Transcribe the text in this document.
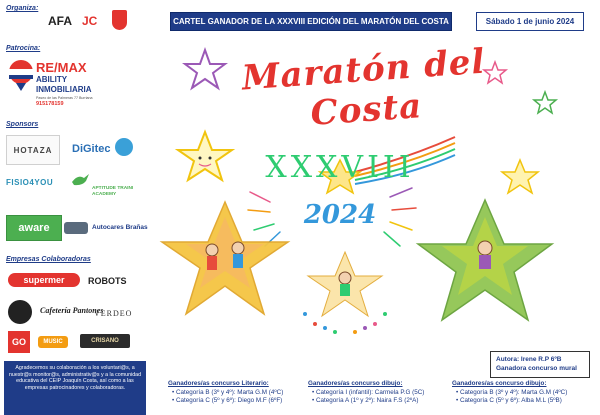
Organiza:
AFA JC
Patrocina:
RE/MAX
ABILITY
INMOBILIARIA
Paseo de las Palmeras 77 Burriana
915178159
Sponsors
HOTAZA	DiGitec
FISIO4YOU
APTITUDE TRAINI ACADEMY
aware	Autocares Brañas
Empresas Colaboradoras
supermer	ROBOTS
Cafetería Pantones
VERDEO
GO	MUSIC	CRISANO
Agradecemos su colaboración a los voluntari@s, a nuestr@s monitor@s, administrativ@s y a la comunidad educativa del CEIP Joaquín Costa, así como a las empresas patrocinadores y colaboradoras.
CARTEL GANADOR DE LA XXXVIII EDICIÓN DEL MARATÓN DEL COSTA	Sábado 1 de junio 2024
Maratón del Costa
XXXVIII
2024
Autora: Irene R.P 6ºB
Ganadora concurso mural
Ganadores/as concurso Literario:
• Categoría B (3º y 4º): Marta G.M (4ºC)
• Categoría C (5º y 6º): Diego M.F (6ºF)
Ganadores/as concurso dibujo:
• Categoría I (infantil): Carmela P.G (5C)
• Categoría A (1º y 2º): Naira F.S (2ºA)
Ganadores/as concurso dibujo:
• Categoría B (3º y 4º): Marta G.M (4ºC)
• Categoría C (5º y 6º): Alba M.L (5ºB)
